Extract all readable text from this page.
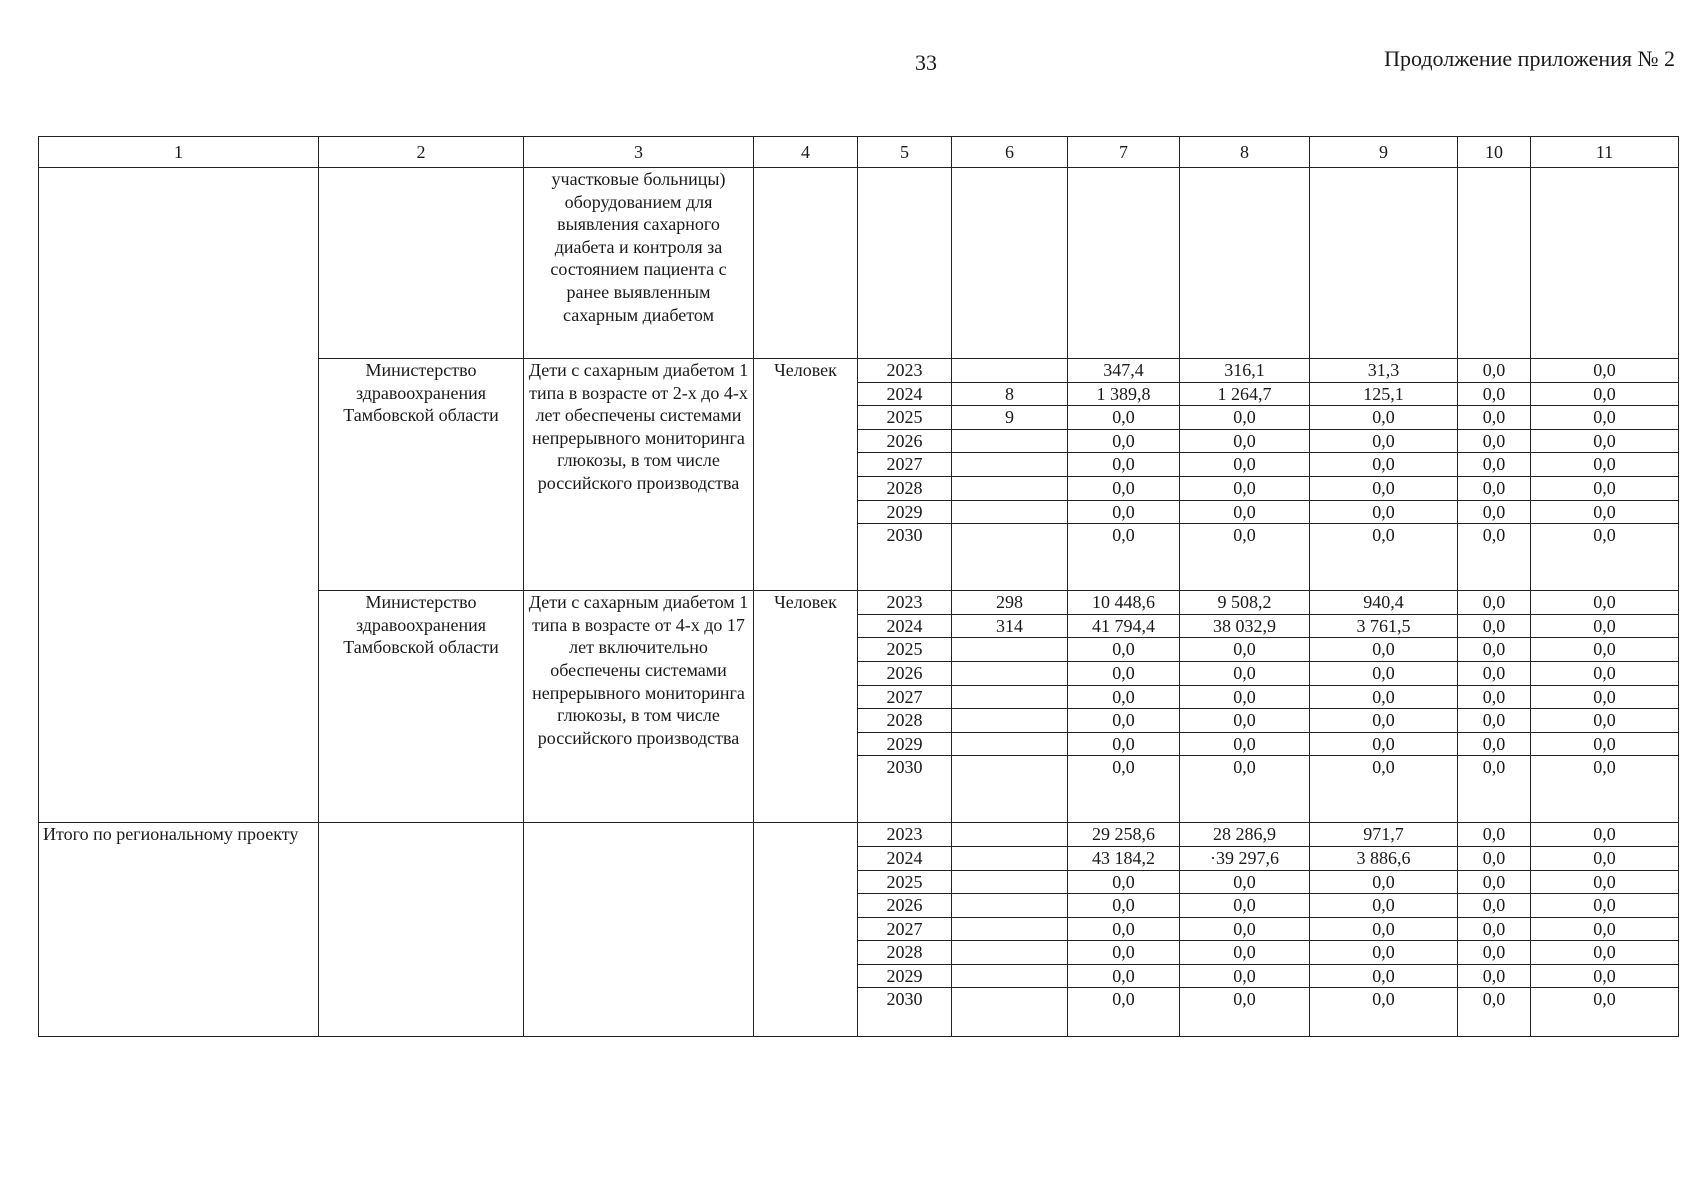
33	Продолжение приложения № 2
1	2	3	4	5	6	7	8	9	10	11
		участковые больницы) оборудованием для выявления сахарного диабета и контроля за состоянием пациента с ранее выявленным сахарным диабетом								
	Министерство здравоохранения Тамбовской области	Дети с сахарным диабетом 1 типа в возрасте от 2-х до 4-х лет обеспечены системами непрерывного мониторинга глюкозы, в том числе российского производства	Человек	2023		347,4	316,1	31,3	0,0	0,0
				2024	8	1 389,8	1 264,7	125,1	0,0	0,0
				2025	9	0,0	0,0	0,0	0,0	0,0
				2026		0,0	0,0	0,0	0,0	0,0
				2027		0,0	0,0	0,0	0,0	0,0
				2028		0,0	0,0	0,0	0,0	0,0
				2029		0,0	0,0	0,0	0,0	0,0
				2030		0,0	0,0	0,0	0,0	0,0
	Министерство здравоохранения Тамбовской области	Дети с сахарным диабетом 1 типа в возрасте от 4-х до 17 лет включительно обеспечены системами непрерывного мониторинга глюкозы, в том числе российского производства	Человек	2023	298	10 448,6	9 508,2	940,4	0,0	0,0
				2024	314	41 794,4	38 032,9	3 761,5	0,0	0,0
				2025		0,0	0,0	0,0	0,0	0,0
				2026		0,0	0,0	0,0	0,0	0,0
				2027		0,0	0,0	0,0	0,0	0,0
				2028		0,0	0,0	0,0	0,0	0,0
				2029		0,0	0,0	0,0	0,0	0,0
				2030		0,0	0,0	0,0	0,0	0,0
Итого по региональному проекту				2023		29 258,6	28 286,9	971,7	0,0	0,0
				2024		43 184,2	·39 297,6	3 886,6	0,0	0,0
				2025		0,0	0,0	0,0	0,0	0,0
				2026		0,0	0,0	0,0	0,0	0,0
				2027		0,0	0,0	0,0	0,0	0,0
				2028		0,0	0,0	0,0	0,0	0,0
				2029		0,0	0,0	0,0	0,0	0,0
				2030		0,0	0,0	0,0	0,0	0,0
